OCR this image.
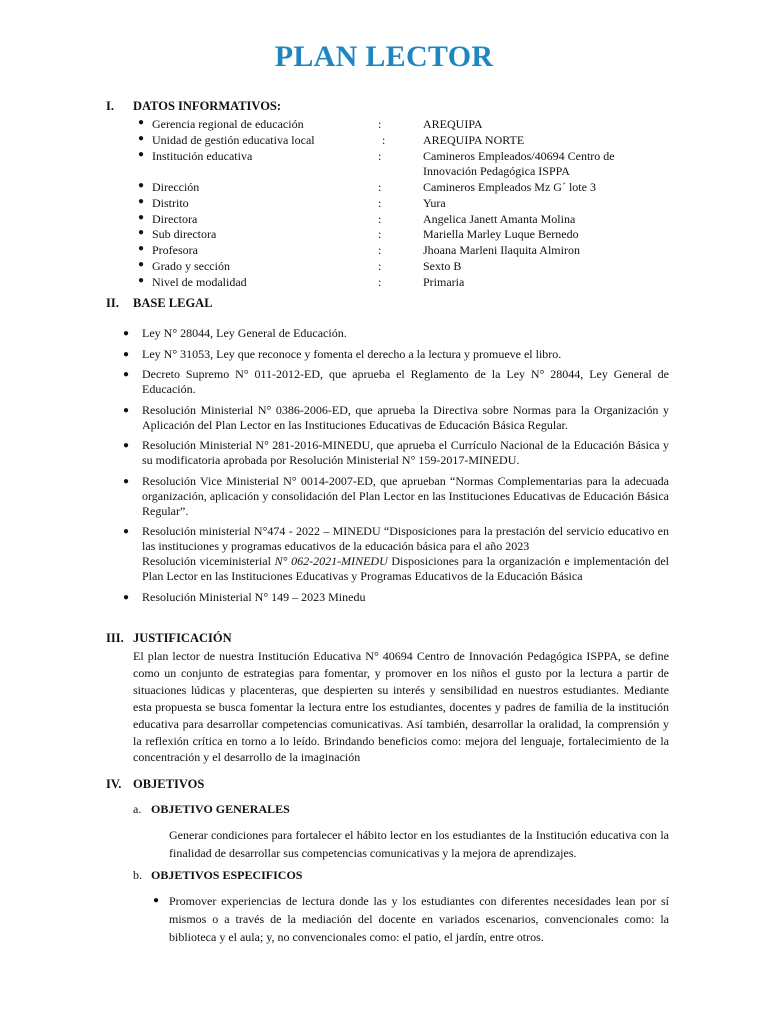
PLAN LECTOR
I. DATOS INFORMATIVOS:
● Gerencia regional de educación	:	AREQUIPA
● Unidad de gestión educativa local	:	AREQUIPA NORTE
● Institución educativa	:	Camineros Empleados/40694 Centro de Innovación Pedagógica ISPPA
● Dirección	:	Camineros Empleados Mz G´ lote 3
● Distrito	:	Yura
● Directora	:	Angelica Janett Amanta Molina
● Sub directora	:	Mariella Marley Luque Bernedo
● Profesora	:	Jhoana Marleni Ilaquita Almiron
● Grado y sección	:	Sexto B
● Nivel de modalidad	:	Primaria
II. BASE LEGAL
● Ley N° 28044, Ley General de Educación.
● Ley N° 31053, Ley que reconoce y fomenta el derecho a la lectura y promueve el libro.
● Decreto Supremo N° 011-2012-ED, que aprueba el Reglamento de la Ley N° 28044, Ley General de Educación.
● Resolución Ministerial N° 0386-2006-ED, que aprueba la Directiva sobre Normas para la Organización y Aplicación del Plan Lector en las Instituciones Educativas de Educación Básica Regular.
● Resolución Ministerial N° 281-2016-MINEDU, que aprueba el Currículo Nacional de la Educación Básica y su modificatoria aprobada por Resolución Ministerial N° 159-2017-MINEDU.
● Resolución Vice Ministerial N° 0014-2007-ED, que aprueban “Normas Complementarias para la adecuada organización, aplicación y consolidación del Plan Lector en las Instituciones Educativas de Educación Básica Regular”.
● Resolución ministerial N°474 - 2022 – MINEDU “Disposiciones para la prestación del servicio educativo en las instituciones y programas educativos de la educación básica para el año 2023
Resolución viceministerial N° 062-2021-MINEDU Disposiciones para la organización e implementación del Plan Lector en las Instituciones Educativas y Programas Educativos de la Educación Básica
● Resolución Ministerial N° 149 – 2023 Minedu
III. JUSTIFICACIÓN
El plan lector de nuestra Institución Educativa N° 40694 Centro de Innovación Pedagógica ISPPA, se define como un conjunto de estrategias para fomentar, y promover en los niños el gusto por la lectura a partir de situaciones lúdicas y placenteras, que despierten su interés y sensibilidad en nuestros estudiantes. Mediante esta propuesta se busca fomentar la lectura entre los estudiantes, docentes y padres de familia de la institución educativa para desarrollar competencias comunicativas. Así también, desarrollar la oralidad, la comprensión y la reflexión crítica en torno a lo leído. Brindando beneficios como: mejora del lenguaje, fortalecimiento de la concentración y el desarrollo de la imaginación
IV. OBJETIVOS
a. OBJETIVO GENERALES
Generar condiciones para fortalecer el hábito lector en los estudiantes de la Institución educativa con la finalidad de desarrollar sus competencias comunicativas y la mejora de aprendizajes.
b. OBJETIVOS ESPECIFICOS
● Promover experiencias de lectura donde las y los estudiantes con diferentes necesidades lean por sí mismos o a través de la mediación del docente en variados escenarios, convencionales como: la biblioteca y el aula; y, no convencionales como: el patio, el jardín, entre otros.
